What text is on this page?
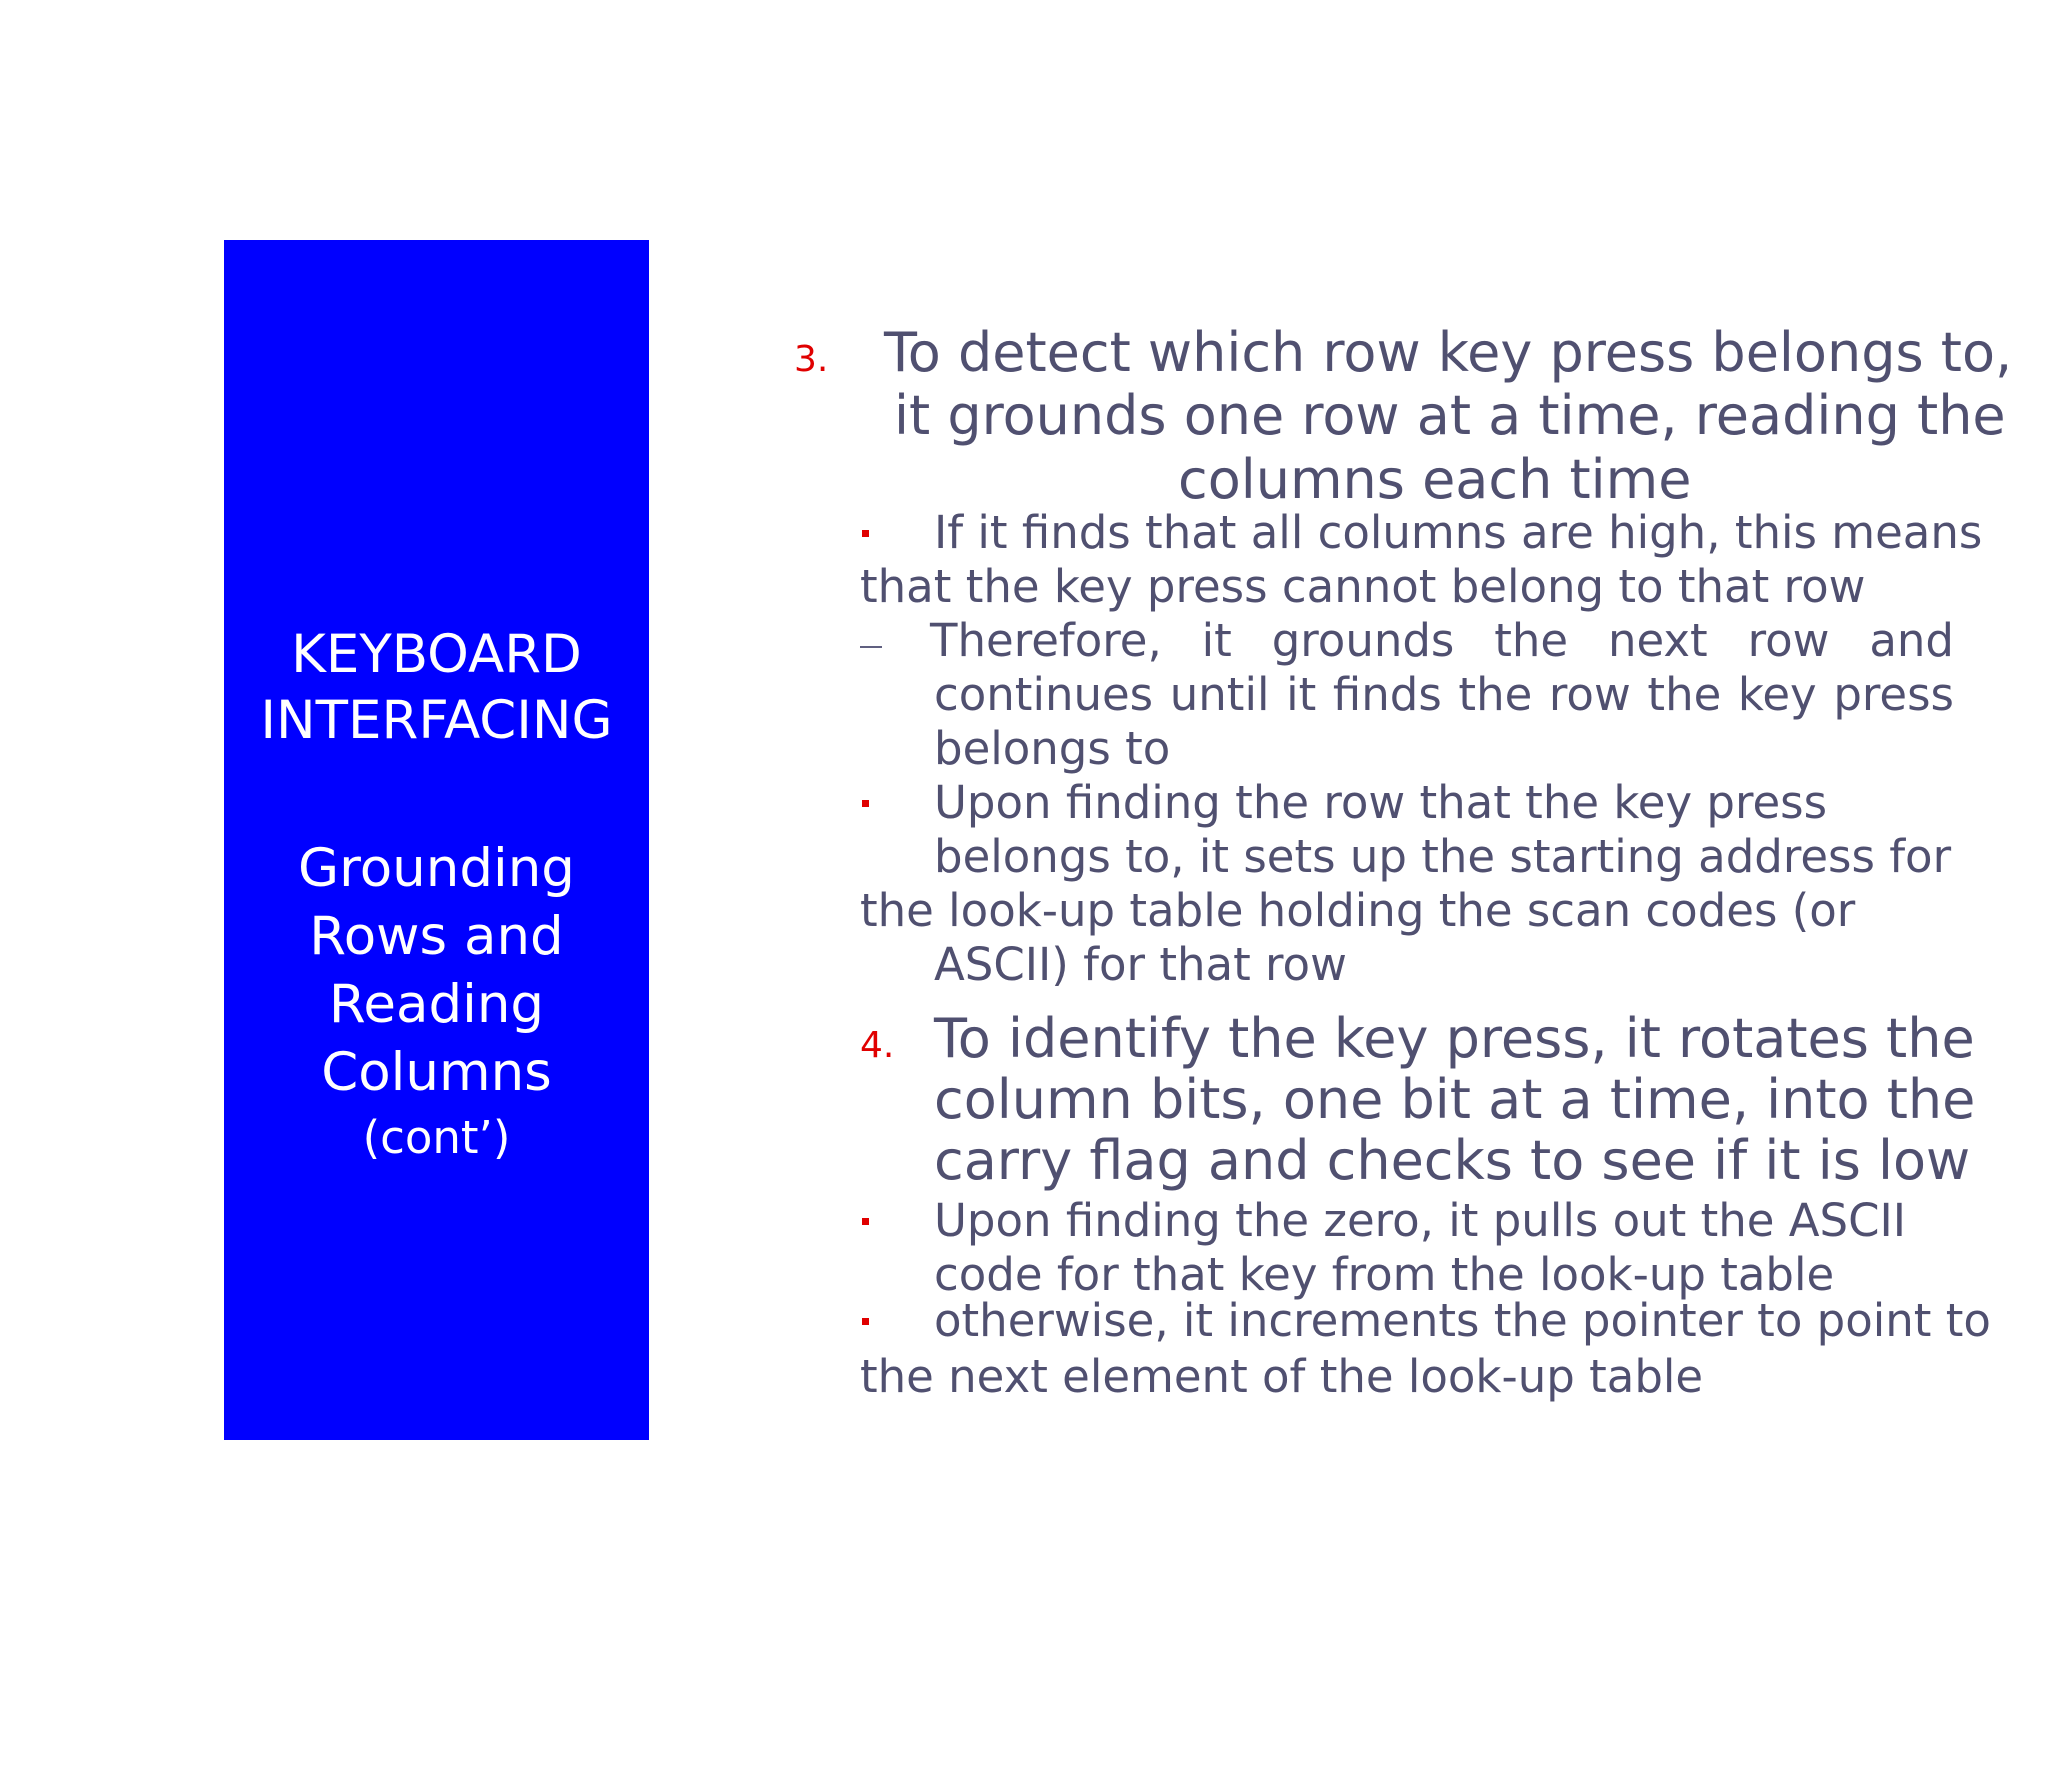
KEYBOARD
INTERFACING
Grounding
Rows and
Reading
Columns
(cont’)
3. To detect which row key press belongs to,
it grounds one row at a time, reading the
columns each time
If it finds that all columns are high, this means
that the key press cannot belong to that row
Therefore, it grounds the next row and
continues until it finds the row the key press
belongs to
Upon finding the row that the key press
belongs to, it sets up the starting address for
the look-up table holding the scan codes (or
ASCII) for that row
4. To identify the key press, it rotates the
column bits, one bit at a time, into the
carry flag and checks to see if it is low
Upon finding the zero, it pulls out the ASCII
code for that key from the look-up table
otherwise, it increments the pointer to point to
the next element of the look-up table
